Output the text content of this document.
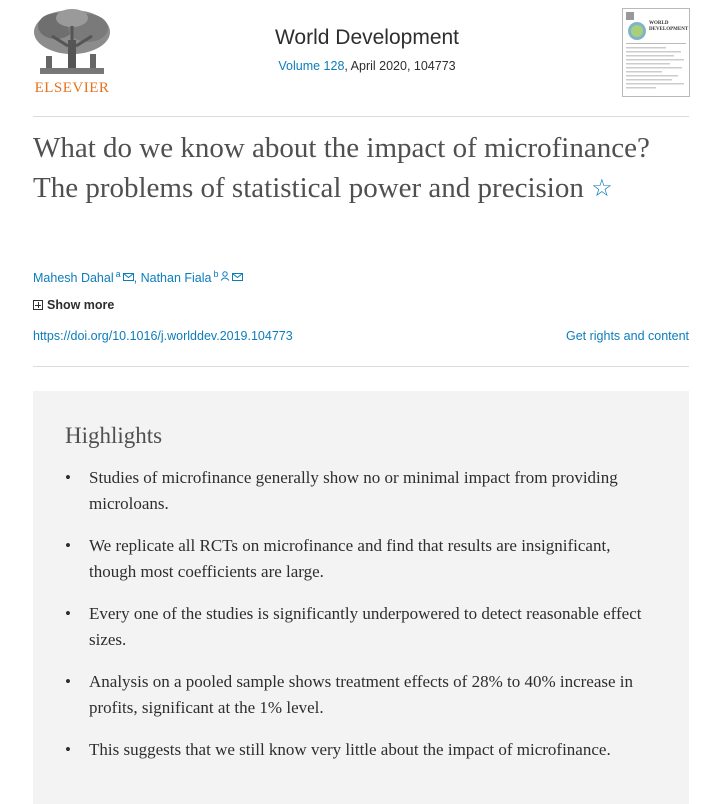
ELSEVIER
World Development
Volume 128, April 2020, 104773
WORLD
DEVELOPMENT
What do we know about the impact of microfinance? The problems of statistical power and precision ☆
Mahesh Dahal $^a$ , Nathan Fiala $^b$
Show more
https://doi.org/10.1016/j.worlddev.2019.104773	Get rights and content
Highlights
• Studies of microfinance generally show no or minimal impact from providing microloans.
• We replicate all RCTs on microfinance and find that results are insignificant, though most coefficients are large.
• Every one of the studies is significantly underpowered to detect reasonable effect sizes.
• Analysis on a pooled sample shows treatment effects of 28% to 40% increase in profits, significant at the 1% level.
• This suggests that we still know very little about the impact of microfinance.
